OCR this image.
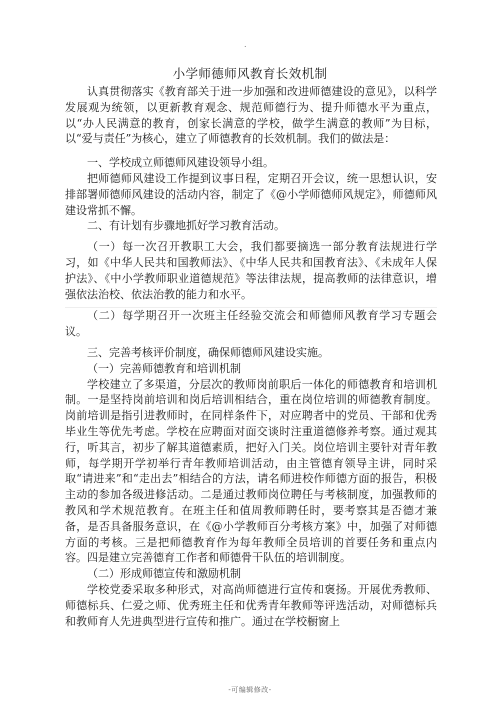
.
小学师德师风教育长效机制

认真贯彻落实《教育部关于进一步加强和改进师德建设的意见》，以科学发展观为统领，以更新教育观念、规范师德行为、提升师德水平为重点，以“办人民满意的教育，创家长满意的学校，做学生满意的教师”为目标，以“爱与责任”为核心，建立了师德教育的长效机制。我们的做法是：

一、学校成立师德师风建设领导小组。

把师德师风建设工作提到议事日程，定期召开会议，统一思想认识，安排部署师德师风建设的活动内容，制定了《@小学师德师风规定》，师德师风建设常抓不懈。

二、有计划有步骤地抓好学习教育活动。

（一）每一次召开教职工大会，我们都要摘选一部分教育法规进行学习，如《中华人民共和国教师法》、《中华人民共和国教育法》、《未成年人保护法》、《中小学教师职业道德规范》等法律法规，提高教师的法律意识，增强依法治校、依法治教的能力和水平。

（二）每学期召开一次班主任经验交流会和师德师风教育学习专题会议。

三、完善考核评价制度，确保师德师风建设实施。

（一）完善师德教育和培训机制

学校建立了多渠道，分层次的教师岗前职后一体化的师德教育和培训机制。一是坚持岗前培训和岗后培训相结合，重在岗位培训的师德教育制度。岗前培训是指引进教师时，在同样条件下，对应聘者中的党员、干部和优秀毕业生等优先考虑。学校在应聘面对面交谈时注重道德修养考察。通过观其行，听其言，初步了解其道德素质，把好入门关。岗位培训主要针对青年教师，每学期开学初举行青年教师培训活动，由主管德育领导主讲，同时采取“请进来”和“走出去”相结合的方法，请名师进校作师德方面的报告，积极主动的参加各级进修活动。二是通过教师岗位聘任与考核制度，加强教师的教风和学术规范教育。在班主任和值周教师聘任时，要考察其是否德才兼备，是否具备服务意识，在《@小学教师百分考核方案》中，加强了对师德方面的考核。三是把师德教育作为每年教师全员培训的首要任务和重点内容。四是建立完善德育工作者和师德骨干队伍的培训制度。

（二）形成师德宣传和激励机制

学校党委采取多种形式，对高尚师德进行宣传和褒扬。开展优秀教师、师德标兵、仁爱之师、优秀班主任和优秀青年教师等评选活动，对师德标兵和教师育人先进典型进行宣传和推广。通过在学校橱窗上

-可编辑修改-
